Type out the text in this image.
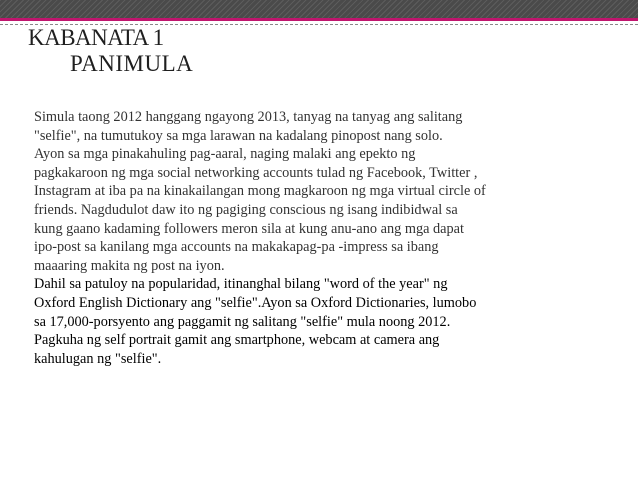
KABANATA 1
PANIMULA
Simula taong 2012 hanggang ngayong 2013, tanyag na tanyag ang salitang
"selfie", na tumutukoy sa mga larawan na kadalang pinopost nang solo.
Ayon sa mga pinakahuling pag-aaral, naging malaki ang epekto ng
pagkakaroon ng mga social networking accounts tulad ng Facebook, Twitter ,
Instagram at iba pa na kinakailangan mong magkaroon ng mga virtual circle of
friends. Nagdudulot daw ito ng pagiging conscious ng isang indibidwal sa
kung gaano kadaming followers meron sila at kung anu-ano ang mga dapat
ipo-post sa kanilang mga accounts na makakapag-pa -impress sa ibang
maaaring makita ng post na iyon.
Dahil sa patuloy na popularidad, itinanghal bilang "word of the year" ng
Oxford English Dictionary ang "selfie".Ayon sa Oxford Dictionaries, lumobo
sa 17,000-porsyento ang paggamit ng salitang "selfie" mula noong 2012.
Pagkuha ng self portrait gamit ang smartphone, webcam at camera ang
kahulugan ng "selfie".
